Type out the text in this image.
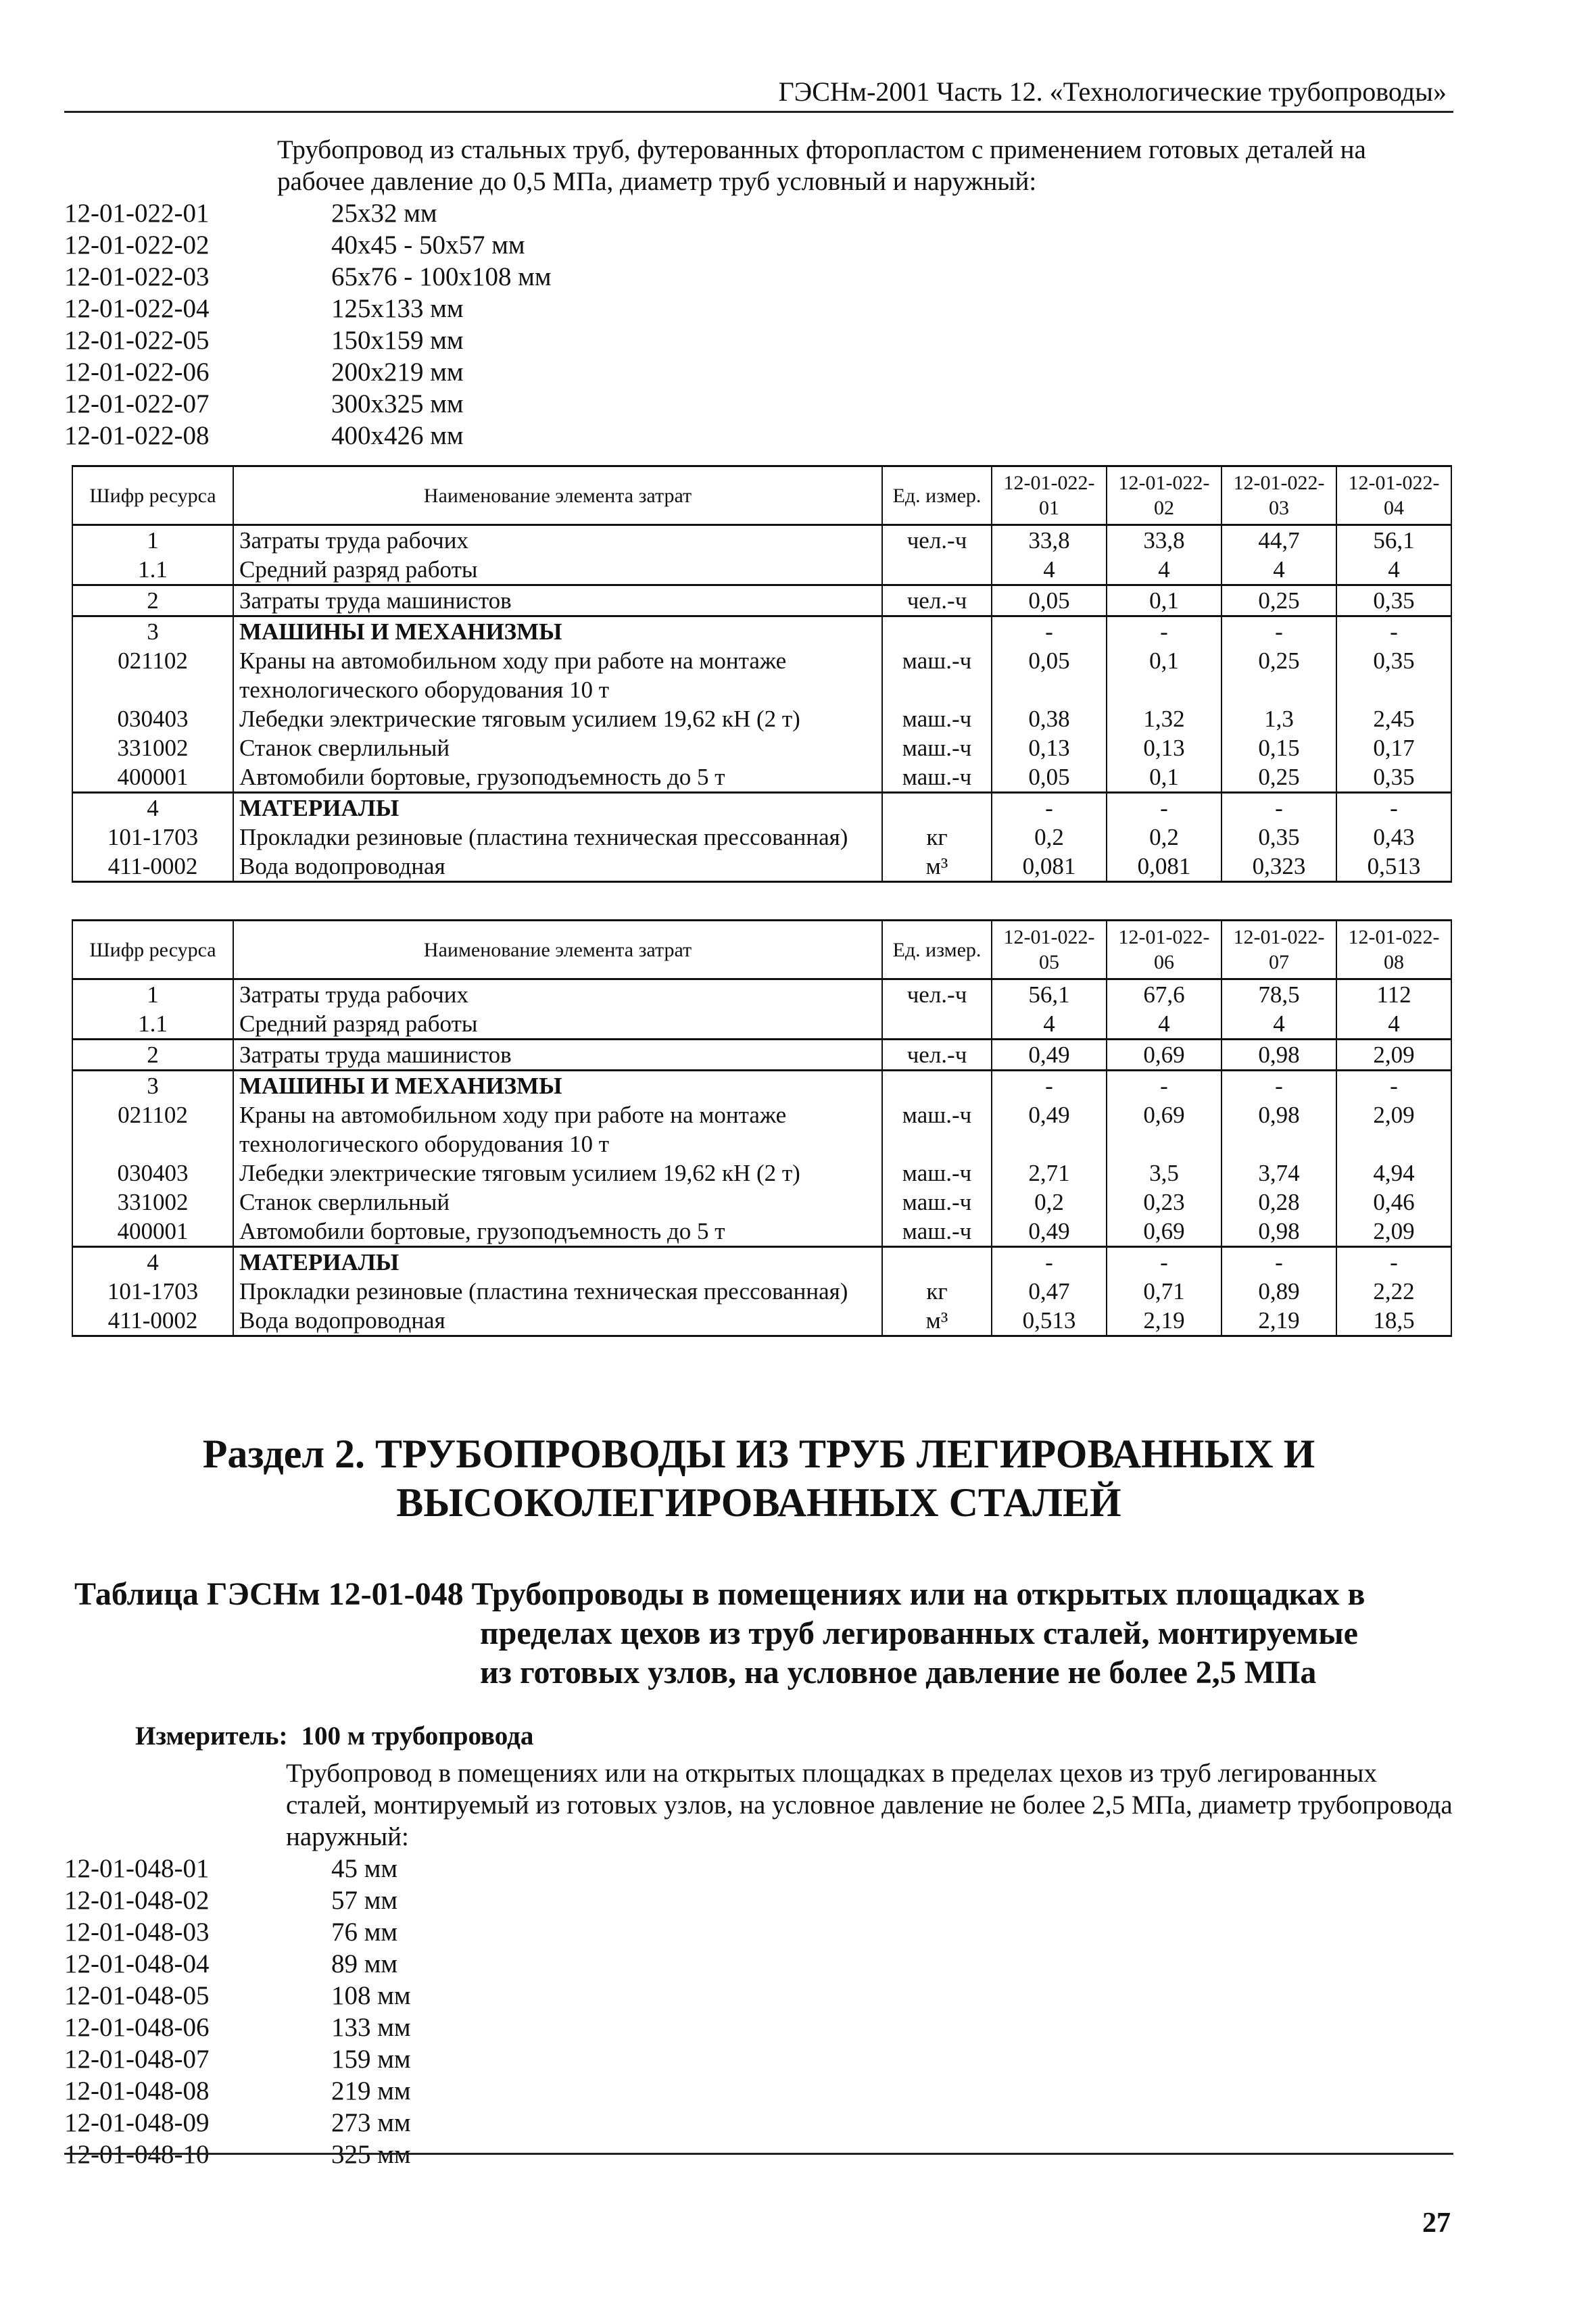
ГЭСНм-2001 Часть 12. «Технологические трубопроводы»
Трубопровод из стальных труб, футерованных фторопластом с применением готовых деталей на рабочее давление до 0,5 МПа, диаметр труб условный и наружный:
12-01-022-01	25х32 мм
12-01-022-02	40х45 - 50х57 мм
12-01-022-03	65х76 - 100х108 мм
12-01-022-04	125х133 мм
12-01-022-05	150х159 мм
12-01-022-06	200х219 мм
12-01-022-07	300х325 мм
12-01-022-08	400х426 мм
Шифр ресурса	Наименование элемента затрат	Ед. измер.	12-01-022-01	12-01-022-02	12-01-022-03	12-01-022-04
1	Затраты труда рабочих	чел.-ч	33,8	33,8	44,7	56,1
1.1	Средний разряд работы		4	4	4	4
2	Затраты труда машинистов	чел.-ч	0,05	0,1	0,25	0,35
3	МАШИНЫ И МЕХАНИЗМЫ		-	-	-	-
021102	Краны на автомобильном ходу при работе на монтаже технологического оборудования 10 т	маш.-ч	0,05	0,1	0,25	0,35
030403	Лебедки электрические тяговым усилием 19,62 кН (2 т)	маш.-ч	0,38	1,32	1,3	2,45
331002	Станок сверлильный	маш.-ч	0,13	0,13	0,15	0,17
400001	Автомобили бортовые, грузоподъемность до 5 т	маш.-ч	0,05	0,1	0,25	0,35
4	МАТЕРИАЛЫ		-	-	-	-
101-1703	Прокладки резиновые (пластина техническая прессованная)	кг	0,2	0,2	0,35	0,43
411-0002	Вода водопроводная	м³	0,081	0,081	0,323	0,513
Шифр ресурса	Наименование элемента затрат	Ед. измер.	12-01-022-05	12-01-022-06	12-01-022-07	12-01-022-08
1	Затраты труда рабочих	чел.-ч	56,1	67,6	78,5	112
1.1	Средний разряд работы		4	4	4	4
2	Затраты труда машинистов	чел.-ч	0,49	0,69	0,98	2,09
3	МАШИНЫ И МЕХАНИЗМЫ		-	-	-	-
021102	Краны на автомобильном ходу при работе на монтаже технологического оборудования 10 т	маш.-ч	0,49	0,69	0,98	2,09
030403	Лебедки электрические тяговым усилием 19,62 кН (2 т)	маш.-ч	2,71	3,5	3,74	4,94
331002	Станок сверлильный	маш.-ч	0,2	0,23	0,28	0,46
400001	Автомобили бортовые, грузоподъемность до 5 т	маш.-ч	0,49	0,69	0,98	2,09
4	МАТЕРИАЛЫ		-	-	-	-
101-1703	Прокладки резиновые (пластина техническая прессованная)	кг	0,47	0,71	0,89	2,22
411-0002	Вода водопроводная	м³	0,513	2,19	2,19	18,5
Раздел 2. ТРУБОПРОВОДЫ ИЗ ТРУБ ЛЕГИРОВАННЫХ И
ВЫСОКОЛЕГИРОВАННЫХ СТАЛЕЙ
Таблица ГЭСНм 12-01-048 Трубопроводы в помещениях или на открытых площадках в
пределах цехов из труб легированных сталей, монтируемые
из готовых узлов, на условное давление не более 2,5 МПа
Измеритель: 100 м трубопровода
Трубопровод в помещениях или на открытых площадках в пределах цехов из труб легированных сталей, монтируемый из готовых узлов, на условное давление не более 2,5 МПа, диаметр трубопровода наружный:
12-01-048-01	45 мм
12-01-048-02	57 мм
12-01-048-03	76 мм
12-01-048-04	89 мм
12-01-048-05	108 мм
12-01-048-06	133 мм
12-01-048-07	159 мм
12-01-048-08	219 мм
12-01-048-09	273 мм
12-01-048-10	325 мм
27
